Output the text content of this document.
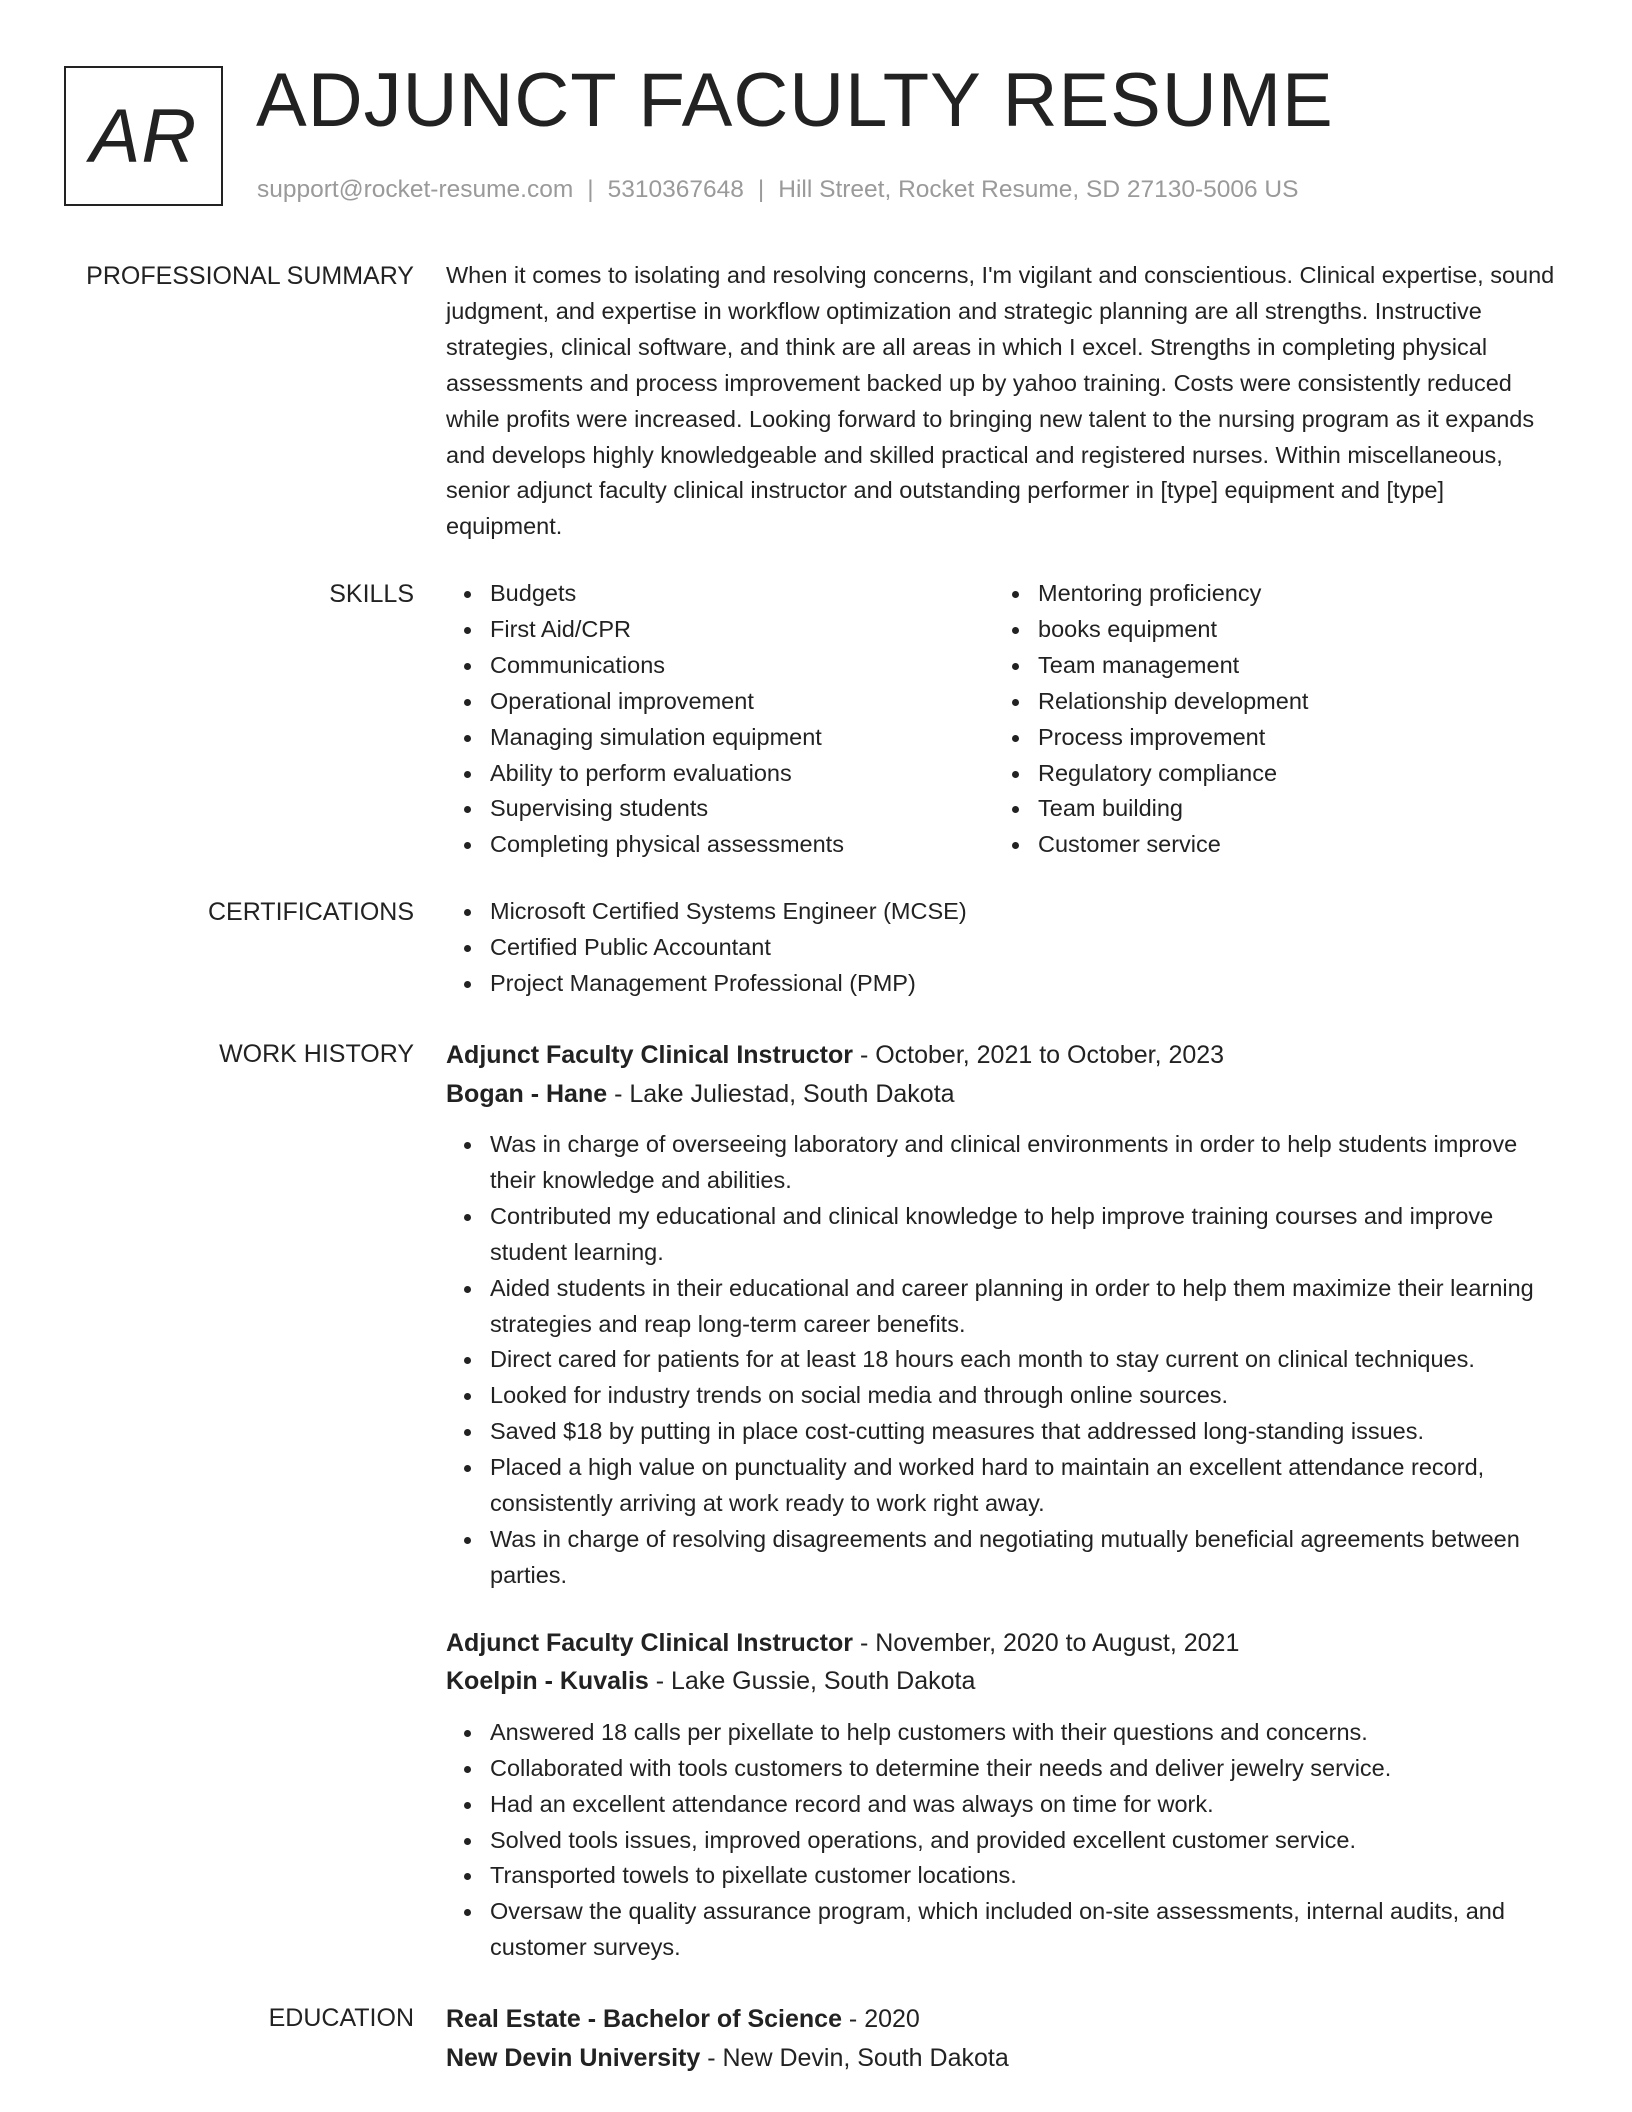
AR ADJUNCT FACULTY RESUME
support@rocket-resume.com | 5310367648 | Hill Street, Rocket Resume, SD 27130-5006 US
PROFESSIONAL SUMMARY When it comes to isolating and resolving concerns, I'm vigilant and conscientious. Clinical expertise, sound judgment, and expertise in workflow optimization and strategic planning are all strengths. Instructive strategies, clinical software, and think are all areas in which I excel. Strengths in completing physical assessments and process improvement backed up by yahoo training. Costs were consistently reduced while profits were increased. Looking forward to bringing new talent to the nursing program as it expands and develops highly knowledgeable and skilled practical and registered nurses. Within miscellaneous, senior adjunct faculty clinical instructor and outstanding performer in [type] equipment and [type] equipment.

SKILLS	Budgets
First Aid/CPR
Communications
Operational improvement
Managing simulation equipment
Ability to perform evaluations
Supervising students
Completing physical assessments
Mentoring proficiency
books equipment
Team management
Relationship development
Process improvement
Regulatory compliance
Team building
Customer service
CERTIFICATIONS	Microsoft Certified Systems Engineer (MCSE)
Certified Public Accountant
Project Management Professional (PMP)
WORK HISTORY Adjunct Faculty Clinical Instructor - October, 2021 to October, 2023

Bogan - Hane - Lake Juliestad, South Dakota

Was in charge of overseeing laboratory and clinical environments in order to help students improve their knowledge and abilities.
Contributed my educational and clinical knowledge to help improve training courses and improve student learning.
Aided students in their educational and career planning in order to help them maximize their learning strategies and reap long-term career benefits.
Direct cared for patients for at least 18 hours each month to stay current on clinical techniques.
Looked for industry trends on social media and through online sources.
Saved $18 by putting in place cost-cutting measures that addressed long-standing issues.
Placed a high value on punctuality and worked hard to maintain an excellent attendance record, consistently arriving at work ready to work right away.
Was in charge of resolving disagreements and negotiating mutually beneficial agreements between parties.

Adjunct Faculty Clinical Instructor - November, 2020 to August, 2021

Koelpin - Kuvalis - Lake Gussie, South Dakota

Answered 18 calls per pixellate to help customers with their questions and concerns.
Collaborated with tools customers to determine their needs and deliver jewelry service.
Had an excellent attendance record and was always on time for work.
Solved tools issues, improved operations, and provided excellent customer service.
Transported towels to pixellate customer locations.
Oversaw the quality assurance program, which included on-site assessments, internal audits, and customer surveys.
EDUCATION Real Estate - Bachelor of Science - 2020

New Devin University - New Devin, South Dakota
